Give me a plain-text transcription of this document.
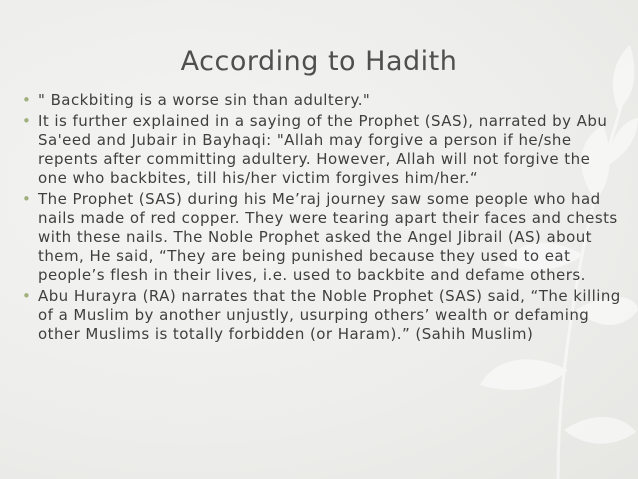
According to Hadith
• " Backbiting is a worse sin than adultery."
• It is further explained in a saying of the Prophet (SAS), narrated by Abu Sa'eed and Jubair in Bayhaqi: "Allah may forgive a person if he/she repents after committing adultery. However, Allah will not forgive the one who backbites, till his/her victim forgives him/her.“
• The Prophet (SAS) during his Me’raj journey saw some people who had nails made of red copper. They were tearing apart their faces and chests with these nails. The Noble Prophet asked the Angel Jibrail (AS) about them, He said, “They are being punished because they used to eat people’s flesh in their lives, i.e. used to backbite and defame others.
• Abu Hurayra (RA) narrates that the Noble Prophet (SAS) said, “The killing of a Muslim by another unjustly, usurping others’ wealth or defaming other Muslims is totally forbidden (or Haram).” (Sahih Muslim)
